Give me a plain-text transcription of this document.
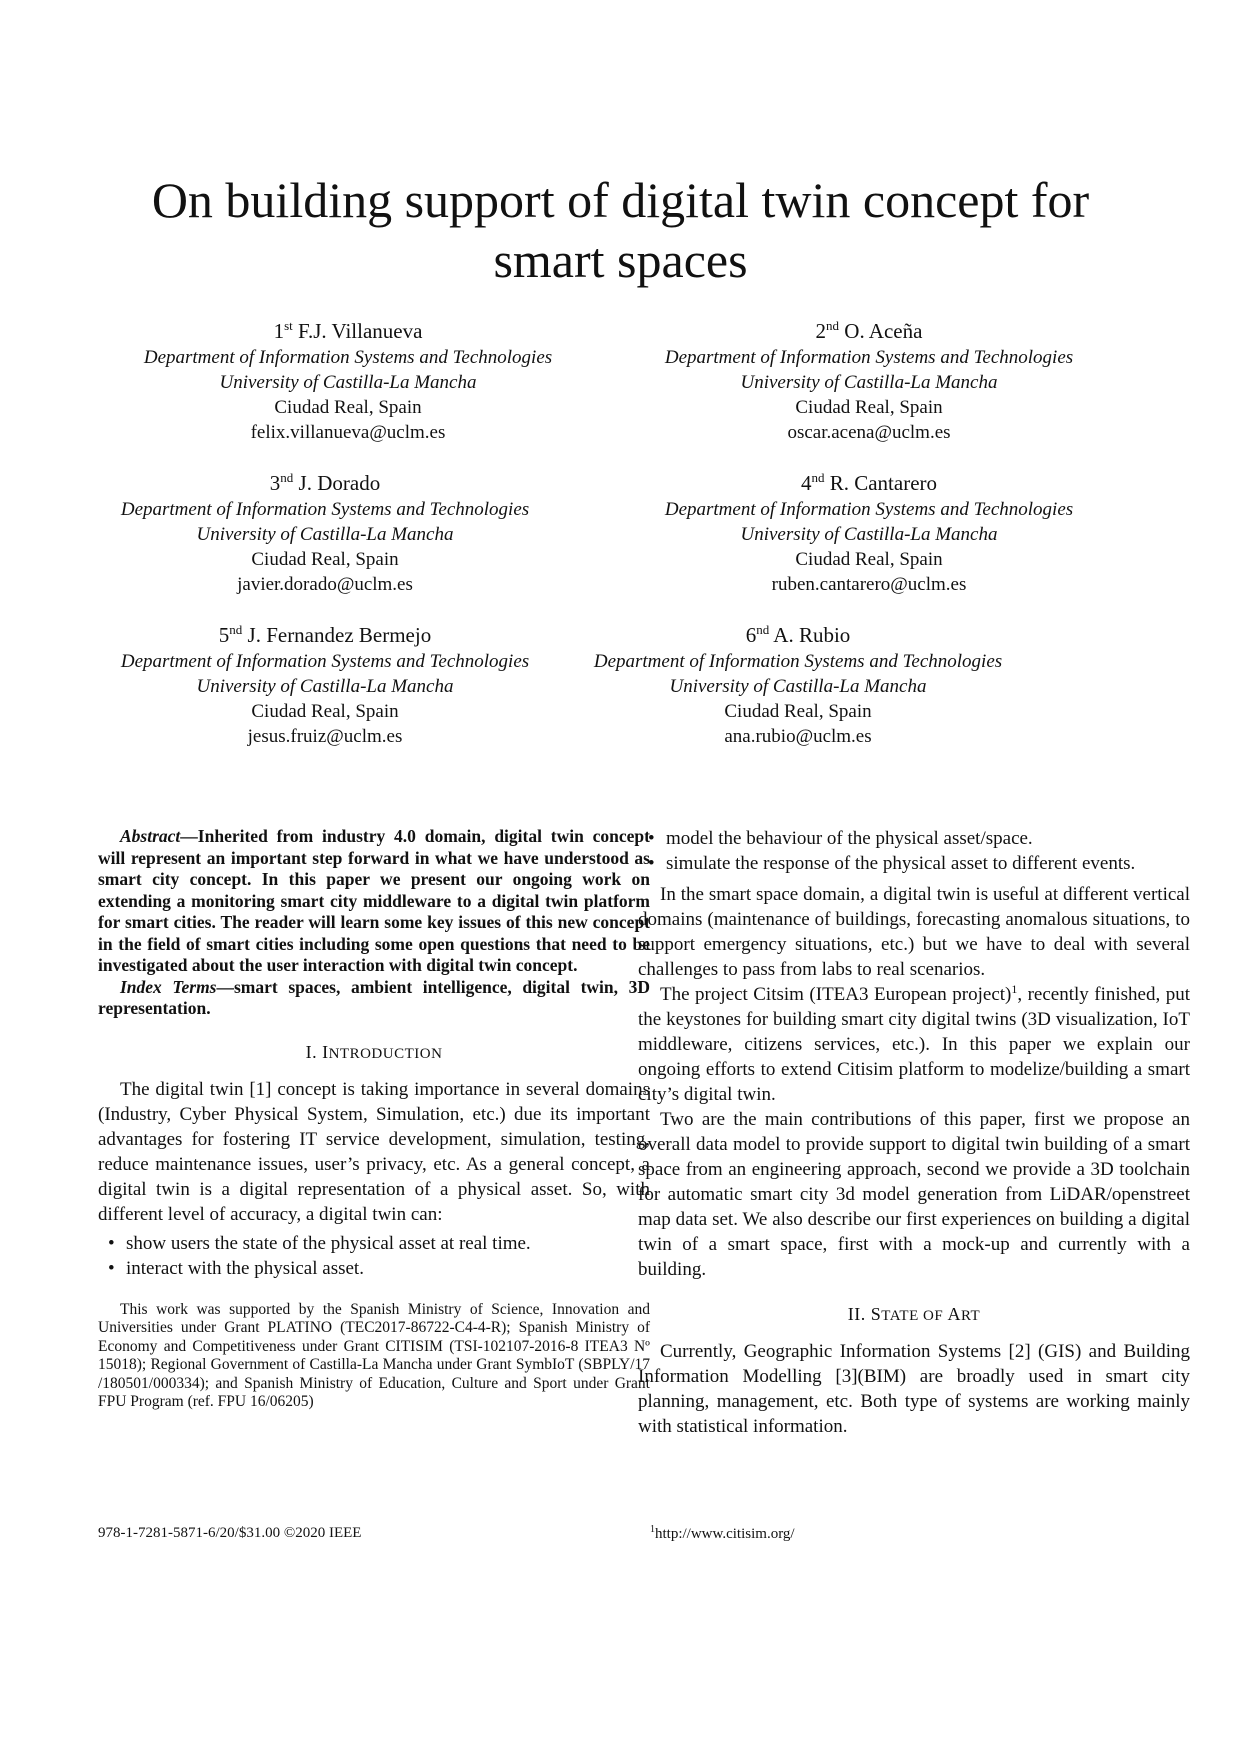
On building support of digital twin concept for
smart spaces
1st F.J. Villanueva
Department of Information Systems and Technologies
University of Castilla-La Mancha
Ciudad Real, Spain
felix.villanueva@uclm.es
2nd O. Aceña
Department of Information Systems and Technologies
University of Castilla-La Mancha
Ciudad Real, Spain
oscar.acena@uclm.es
3nd J. Dorado
Department of Information Systems and Technologies
University of Castilla-La Mancha
Ciudad Real, Spain
javier.dorado@uclm.es
4nd R. Cantarero
Department of Information Systems and Technologies
University of Castilla-La Mancha
Ciudad Real, Spain
ruben.cantarero@uclm.es
5nd J. Fernandez Bermejo
Department of Information Systems and Technologies
University of Castilla-La Mancha
Ciudad Real, Spain
jesus.fruiz@uclm.es
6nd A. Rubio
Department of Information Systems and Technologies
University of Castilla-La Mancha
Ciudad Real, Spain
ana.rubio@uclm.es

Abstract—Inherited from industry 4.0 domain, digital twin concept will represent an important step forward in what we have understood as smart city concept. In this paper we present our ongoing work on extending a monitoring smart city middleware to a digital twin platform for smart cities. The reader will learn some key issues of this new concept in the field of smart cities including some open questions that need to be investigated about the user interaction with digital twin concept.

Index Terms—smart spaces, ambient intelligence, digital twin, 3D representation.

I. INTRODUCTION

The digital twin [1] concept is taking importance in several domains (Industry, Cyber Physical System, Simulation, etc.) due its important advantages for fostering IT service development, simulation, testing, reduce maintenance issues, user’s privacy, etc. As a general concept, a digital twin is a digital representation of a physical asset. So, with different level of accuracy, a digital twin can:

• show users the state of the physical asset at real time.
• interact with the physical asset.

This work was supported by the Spanish Ministry of Science, Innovation and Universities under Grant PLATINO (TEC2017-86722-C4-4-R); Spanish Ministry of Economy and Competitiveness under Grant CITISIM (TSI-102107-2016-8 ITEA3 Nº 15018); Regional Government of Castilla-La Mancha under Grant SymbIoT (SBPLY/17 /180501/000334); and Spanish Ministry of Education, Culture and Sport under Grant FPU Program (ref. FPU 16/06205)

• model the behaviour of the physical asset/space.
• simulate the response of the physical asset to different events.

In the smart space domain, a digital twin is useful at different vertical domains (maintenance of buildings, forecasting anomalous situations, to support emergency situations, etc.) but we have to deal with several challenges to pass from labs to real scenarios.

The project Citsim (ITEA3 European project)$^1$, recently finished, put the keystones for building smart city digital twins (3D visualization, IoT middleware, citizens services, etc.). In this paper we explain our ongoing efforts to extend Citisim platform to modelize/building a smart city’s digital twin.

Two are the main contributions of this paper, first we propose an overall data model to provide support to digital twin building of a smart space from an engineering approach, second we provide a 3D toolchain for automatic smart city 3d model generation from LiDAR/openstreet map data set. We also describe our first experiences on building a digital twin of a smart space, first with a mock-up and currently with a building.

II. STATE OF ART

Currently, Geographic Information Systems [2] (GIS) and Building Information Modelling [3](BIM) are broadly used in smart city planning, management, etc. Both type of systems are working mainly with statistical information.

978-1-7281-5871-6/20/$31.00 ©2020 IEEE	$^1$http://www.citisim.org/
